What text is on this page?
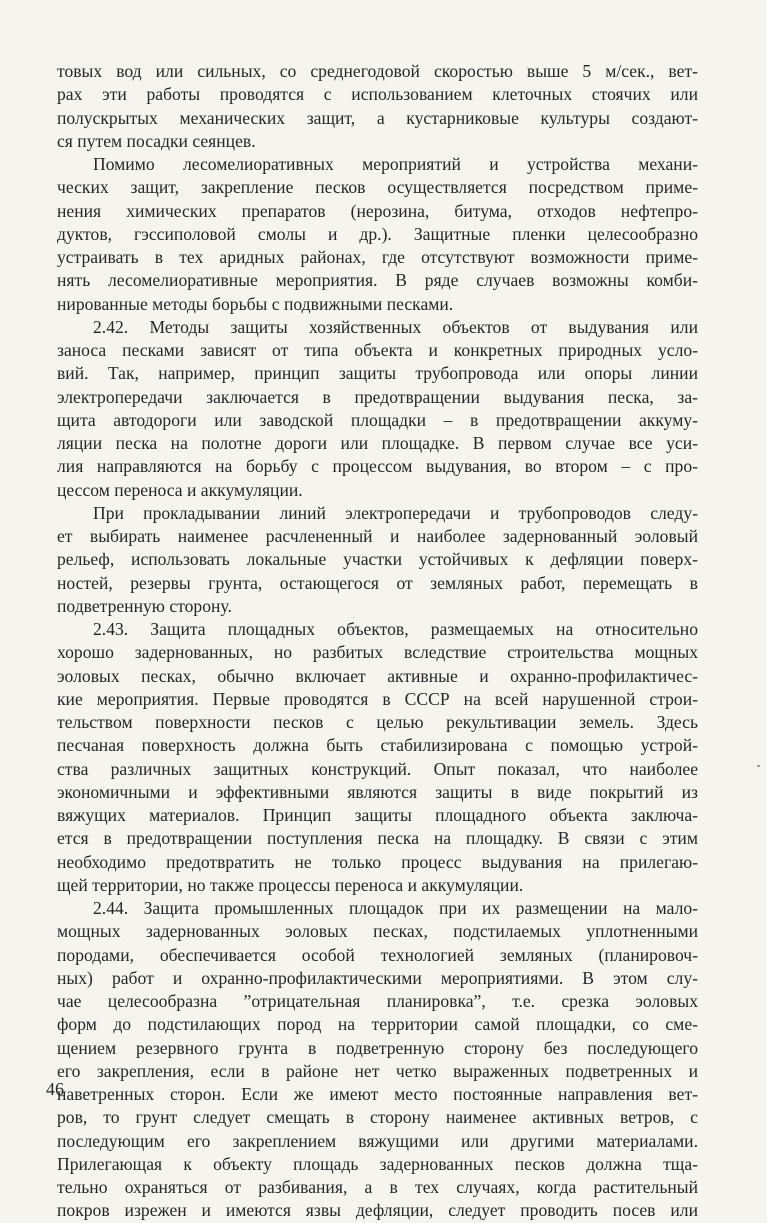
товых вод или сильных, со среднегодовой скоростью выше 5 м/сек., вет-
рах эти работы проводятся с использованием клеточных стоячих или
полускрытых механических защит, а кустарниковые культуры создают-
ся путем посадки сеянцев.
Помимо лесомелиоративных мероприятий и устройства механи-
ческих защит, закрепление песков осуществляется посредством приме-
нения химических препаратов (нерозина, битума, отходов нефтепро-
дуктов, гэссиполовой смолы и др.). Защитные пленки целесообразно
устраивать в тех аридных районах, где отсутствуют возможности приме-
нять лесомелиоративные мероприятия. В ряде случаев возможны комби-
нированные методы борьбы с подвижными песками.
2.42. Методы защиты хозяйственных объектов от выдувания или
заноса песками зависят от типа объекта и конкретных природных усло-
вий. Так, например, принцип защиты трубопровода или опоры линии
электропередачи заключается в предотвращении выдувания песка, за-
щита автодороги или заводской площадки – в предотвращении аккуму-
ляции песка на полотне дороги или площадке. В первом случае все уси-
лия направляются на борьбу с процессом выдувания, во втором – с про-
цессом переноса и аккумуляции.
При прокладывании линий электропередачи и трубопроводов следу-
ет выбирать наименее расчлененный и наиболее задернованный эоловый
рельеф, использовать локальные участки устойчивых к дефляции поверх-
ностей, резервы грунта, остающегося от земляных работ, перемещать в
подветренную сторону.
2.43. Защита площадных объектов, размещаемых на относительно
хорошо задернованных, но разбитых вследствие строительства мощных
эоловых песках, обычно включает активные и охранно-профилактичес-
кие мероприятия. Первые проводятся в СССР на всей нарушенной строи-
тельством поверхности песков с целью рекультивации земель. Здесь
песчаная поверхность должна быть стабилизирована с помощью устрой-
ства различных защитных конструкций. Опыт показал, что наиболее
экономичными и эффективными являются защиты в виде покрытий из
вяжущих материалов. Принцип защиты площадного объекта заключа-
ется в предотвращении поступления песка на площадку. В связи с этим
необходимо предотвратить не только процесс выдувания на прилегаю-
щей территории, но также процессы переноса и аккумуляции.
2.44. Защита промышленных площадок при их размещении на мало-
мощных задернованных эоловых песках, подстилаемых уплотненными
породами, обеспечивается особой технологией земляных (планировоч-
ных) работ и охранно-профилактическими мероприятиями. В этом слу-
чае целесообразна ”отрицательная планировка”, т.е. срезка эоловых
форм до подстилающих пород на территории самой площадки, со сме-
щением резервного грунта в подветренную сторону без последующего
его закрепления, если в районе нет четко выраженных подветренных и
наветренных сторон. Если же имеют место постоянные направления вет-
ров, то грунт следует смещать в сторону наименее активных ветров, с
последующим его закреплением вяжущими или другими материалами.
Прилегающая к объекту площадь задернованных песков должна тща-
тельно охраняться от разбивания, а в тех случаях, когда растительный
покров изрежен и имеются язвы дефляции, следует проводить посев или
46
